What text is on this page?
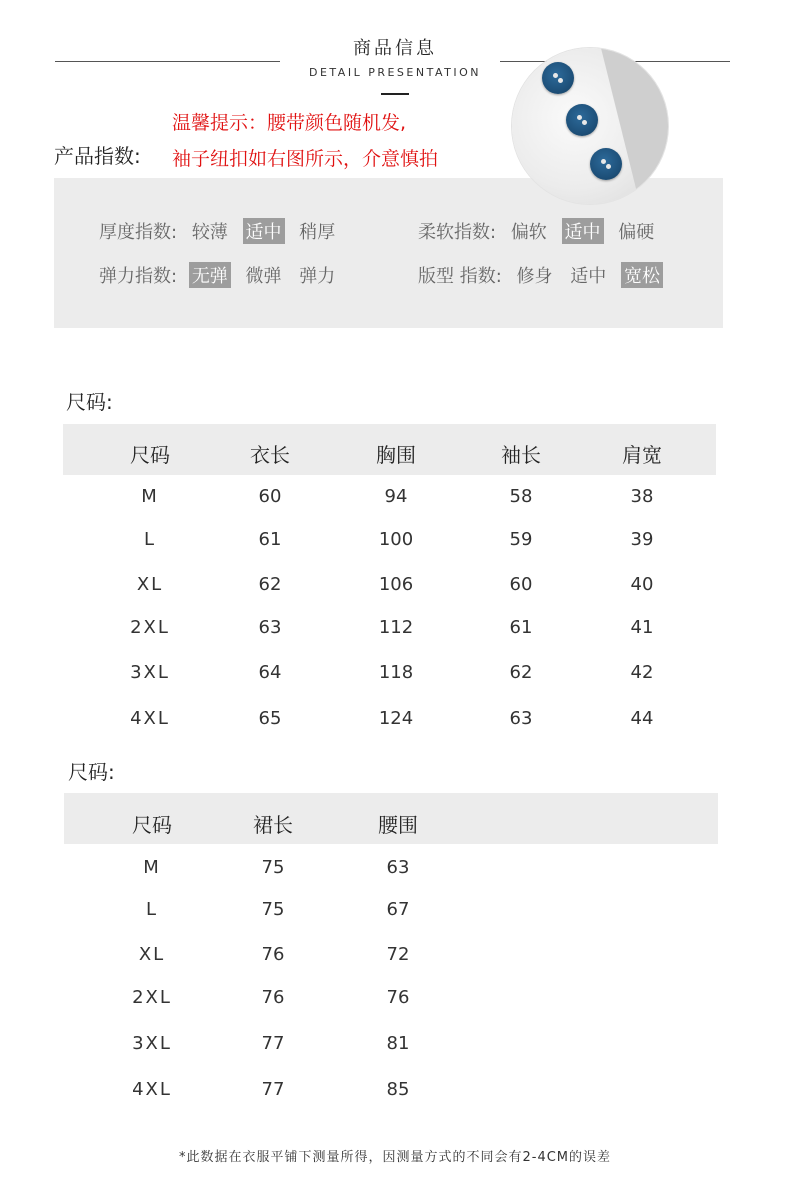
商品信息
DETAIL PRESENTATION
产品指数:
温馨提示：腰带颜色随机发,
袖子纽扣如右图所示，介意慎拍
厚度指数: 较薄 适中 稍厚	柔软指数: 偏软 适中 偏硬
弹力指数: 无弹 微弹 弹力	版型 指数: 修身 适中 宽松
尺码:
尺码	衣长	胸围	袖长	肩宽
M	60	94	58	38
L	61	100	59	39
XL	62	106	60	40
2XL	63	112	61	41
3XL	64	118	62	42
4XL	65	124	63	44
尺码:
尺码	裙长	腰围
M	75	63
L	75	67
XL	76	72
2XL	76	76
3XL	77	81
4XL	77	85
*此数据在衣服平铺下测量所得，因测量方式的不同会有2-4CM的误差
